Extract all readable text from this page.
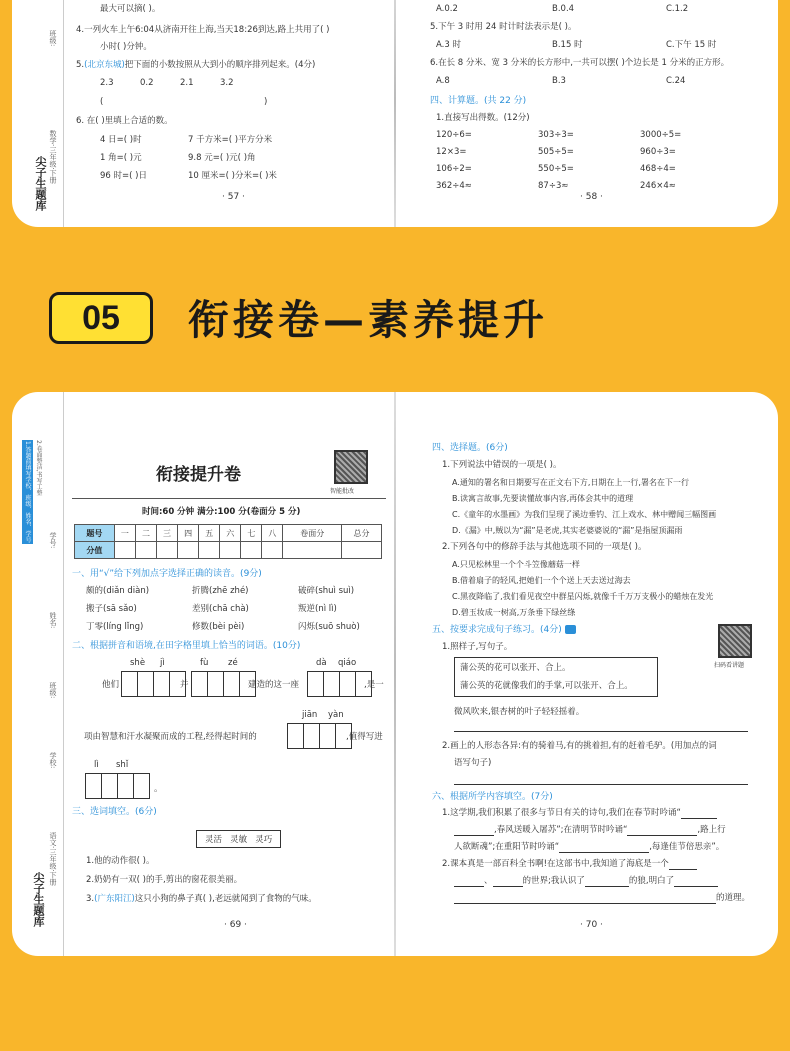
尖子生题库 数学·三年级·下册
班级:
最大可以摘( )。
4.一列火车上午6:04从济南开往上海,当天18:26到达,路上共用了( )
小时( )分钟。
5.(北京东城)把下面的小数按照从大到小的顺序排列起来。(4分)
2.3	0.2	2.1	3.2
(	)
6. 在( )里填上合适的数。
4 日=( )时	7 千方米=( )平方分米
1 角=( )元	9.8 元=( )元( )角
96 时=( )日	10 厘米=( )分米=( )米
· 57 ·
A.0.2	B.0.4	C.1.2
5.下午 3 时用 24 时计时法表示是( )。
A.3 时	B.15 时	C.下午 15 时
6.在长 8 分米、宽 3 分米的长方形中,一共可以摆( )个边长是 1 分米的正方形。
A.8	B.3	C.24
四、计算题。(共 22 分)
1.直接写出得数。(12分)
120÷6=	303÷3=	3000÷5=
12×3=	505÷5=	960÷3=
106÷2=	550÷5=	468÷4=
362÷4≈	87÷3≈	246×4≈
· 58 ·
05	衔接卷—素养提升
1.答题前填写学校、班级、姓名、学号 2.卷面整洁,书写工整
尖子生题库
语文·三年级·下册
学校:
班级:
姓名:
学号:
衔接提升卷
智能批改
时间:60 分钟 满分:100 分(卷面分 5 分)
题号	一	二	三	四	五	六	七	八	卷面分	总分
分值										
一、用“√”给下列加点字选择正确的读音。(9分)
颇的(diǎn diàn)	折腾(zhē zhé)	破碎(shuì suì)
搬子(sā sǎo)	差别(chā chà)	叛逆(nì lì)
丁零(líng lǐng)	修数(bèi pèi)	闪烁(suō shuò)
二、根据拼音和语境,在田字格里填上恰当的词语。(10分)
shè jì	fù zé	dà qiáo
他们	并	建造的这一座	,是一
jiān yàn
项由智慧和汗水凝聚而成的工程,经得起时间的	,值得写进
lì shǐ
。
三、选词填空。(6分)
灵活 灵敏 灵巧
1.他的动作很( )。
2.奶奶有一双( )的手,剪出的窗花很美丽。
3.(广东阳江)这只小狗的鼻子真( ),老远就闻到了食物的气味。
· 69 ·
四、选择题。(6分)
1.下列说法中错误的一项是( )。
A.通知的署名和日期要写在正文右下方,日期在上一行,署名在下一行
B.读寓言故事,先要读懂故事内容,再体会其中的道理
C.《童年的水墨画》为我们呈现了溪边垂钓、江上戏水、林中赠闻三幅图画
D.《漏》中,贼以为“漏”是老虎,其实老婆婆说的“漏”是指屋顶漏雨
2.下列各句中的修辞手法与其他选项不同的一项是( )。
A.只见松林里一个个斗笠像蘑菇一样
B.借着扇子的轻风,把她们一个个送上天去送过海去
C.黑夜降临了,我们看见夜空中群星闪烁,就像千千万万支极小的蜡烛在发光
D.碧玉妆成一树高,万条垂下绿丝绦
五、按要求完成句子练习。(4分)
扫码看讲题
1.照样子,写句子。
蒲公英的花可以张开、合上。
蒲公英的花就像我们的手掌,可以张开、合上。
微风吹来,银杏树的叶子轻轻摇着。
2.画上的人形态各异:有的骑着马,有的挑着担,有的赶着毛驴。(用加点的词
语写句子)
六、根据所学内容填空。(7分)
1.这学期,我们积累了很多与节日有关的诗句,我们在春节时吟诵“
,春风送暖入屠苏”;在清明节时吟诵“	,路上行
人欲断魂”;在重阳节时吟诵“	,每逢佳节倍思亲”。
2.课本真是一部百科全书啊!在这部书中,我知道了海底是一个
、	的世界;我认识了	的狼,明白了
的道理。
· 70 ·
